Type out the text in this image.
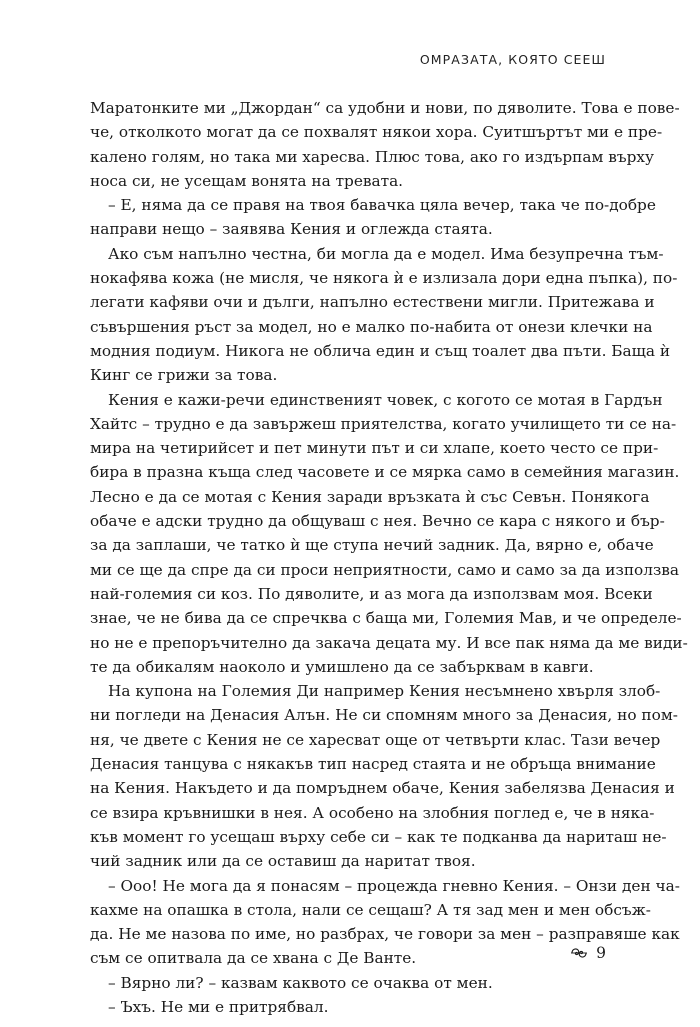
ОМРАЗАТА, КОЯТО СЕЕШ
Маратонките ми „Джордан“ са удобни и нови, по дяволите. Това е пове-
че, отколкото могат да се похвалят някои хора. Суитшъртът ми е пре-
калено голям, но така ми харесва. Плюс това, ако го издърпам върху
носа си, не усещам вонята на тревата.
– Е, няма да се правя на твоя бавачка цяла вечер, така че по-добре
направи нещо – заявява Кения и оглежда стаята.
Ако съм напълно честна, би могла да е модел. Има безупречна тъм-
нокафява кожа (не мисля, че някога ѝ е излизала дори една пъпка), по-
легати кафяви очи и дълги, напълно естествени мигли. Притежава и
съвършения ръст за модел, но е малко по-набита от онези клечки на
модния подиум. Никога не облича един и същ тоалет два пъти. Баща ѝ
Кинг се грижи за това.
Кения е кажи-речи единственият човек, с когото се мотая в Гардън
Хайтс – трудно е да завържеш приятелства, когато училището ти се на-
мира на четирийсет и пет минути път и си хлапе, което често се при-
бира в празна къща след часовете и се мярка само в семейния магазин.
Лесно е да се мотая с Кения заради връзката ѝ със Севън. Понякога
обаче е адски трудно да общуваш с нея. Вечно се кара с някого и бър-
за да заплаши, че татко ѝ ще ступа нечий задник. Да, вярно е, обаче
ми се ще да спре да си проси неприятности, само и само за да използва
най-големия си коз. По дяволите, и аз мога да използвам моя. Всеки
знае, че не бива да се спречква с баща ми, Големия Мав, и че определе-
но не е препоръчително да закача децата му. И все пак няма да ме види-
те да обикалям наоколо и умишлено да се забърквам в кавги.
На купона на Големия Ди например Кения несъмнено хвърля злоб-
ни погледи на Денасия Алън. Не си спомням много за Денасия, но пом-
ня, че двете с Кения не се харесват още от четвърти клас. Тази вечер
Денасия танцува с някакъв тип насред стаята и не обръща внимание
на Кения. Накъдето и да помръднем обаче, Кения забелязва Денасия и
се взира кръвнишки в нея. А особено на злобния поглед е, че в няка-
къв момент го усещаш върху себе си – как те подканва да нариташ не-
чий задник или да се оставиш да наритат твоя.
– Ооо! Не мога да я понасям – процежда гневно Кения. – Онзи ден ча-
кахме на опашка в стола, нали се сещаш? А тя зад мен и мен обсъж-
да. Не ме назова по име, но разбрах, че говори за мен – разправяше как
съм се опитвала да се хвана с Де Ванте.
– Вярно ли? – казвам каквото се очаква от мен.
– Ъхъ. Не ми е притрябвал.
9
